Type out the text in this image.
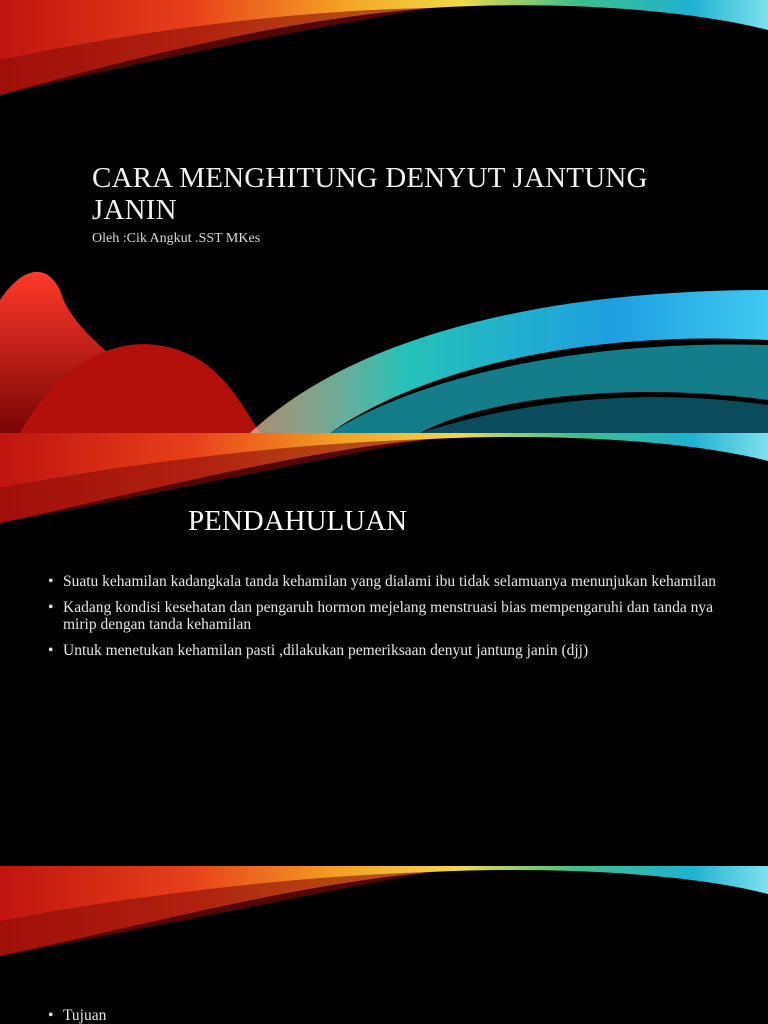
CARA MENGHITUNG DENYUT JANTUNG JANIN

Oleh :Cik Angkut .SST MKes

PENDAHULUAN
• Suatu kehamilan kadangkala tanda kehamilan yang dialami ibu tidak selamuanya menunjukan kehamilan
• Kadang kondisi kesehatan dan pengaruh hormon mejelang menstruasi bias mempengaruhi dan tanda nya mirip dengan tanda kehamilan
• Untuk menetukan kehamilan pasti ,dilakukan pemeriksaan denyut jantung janin (djj)
• Tujuan
